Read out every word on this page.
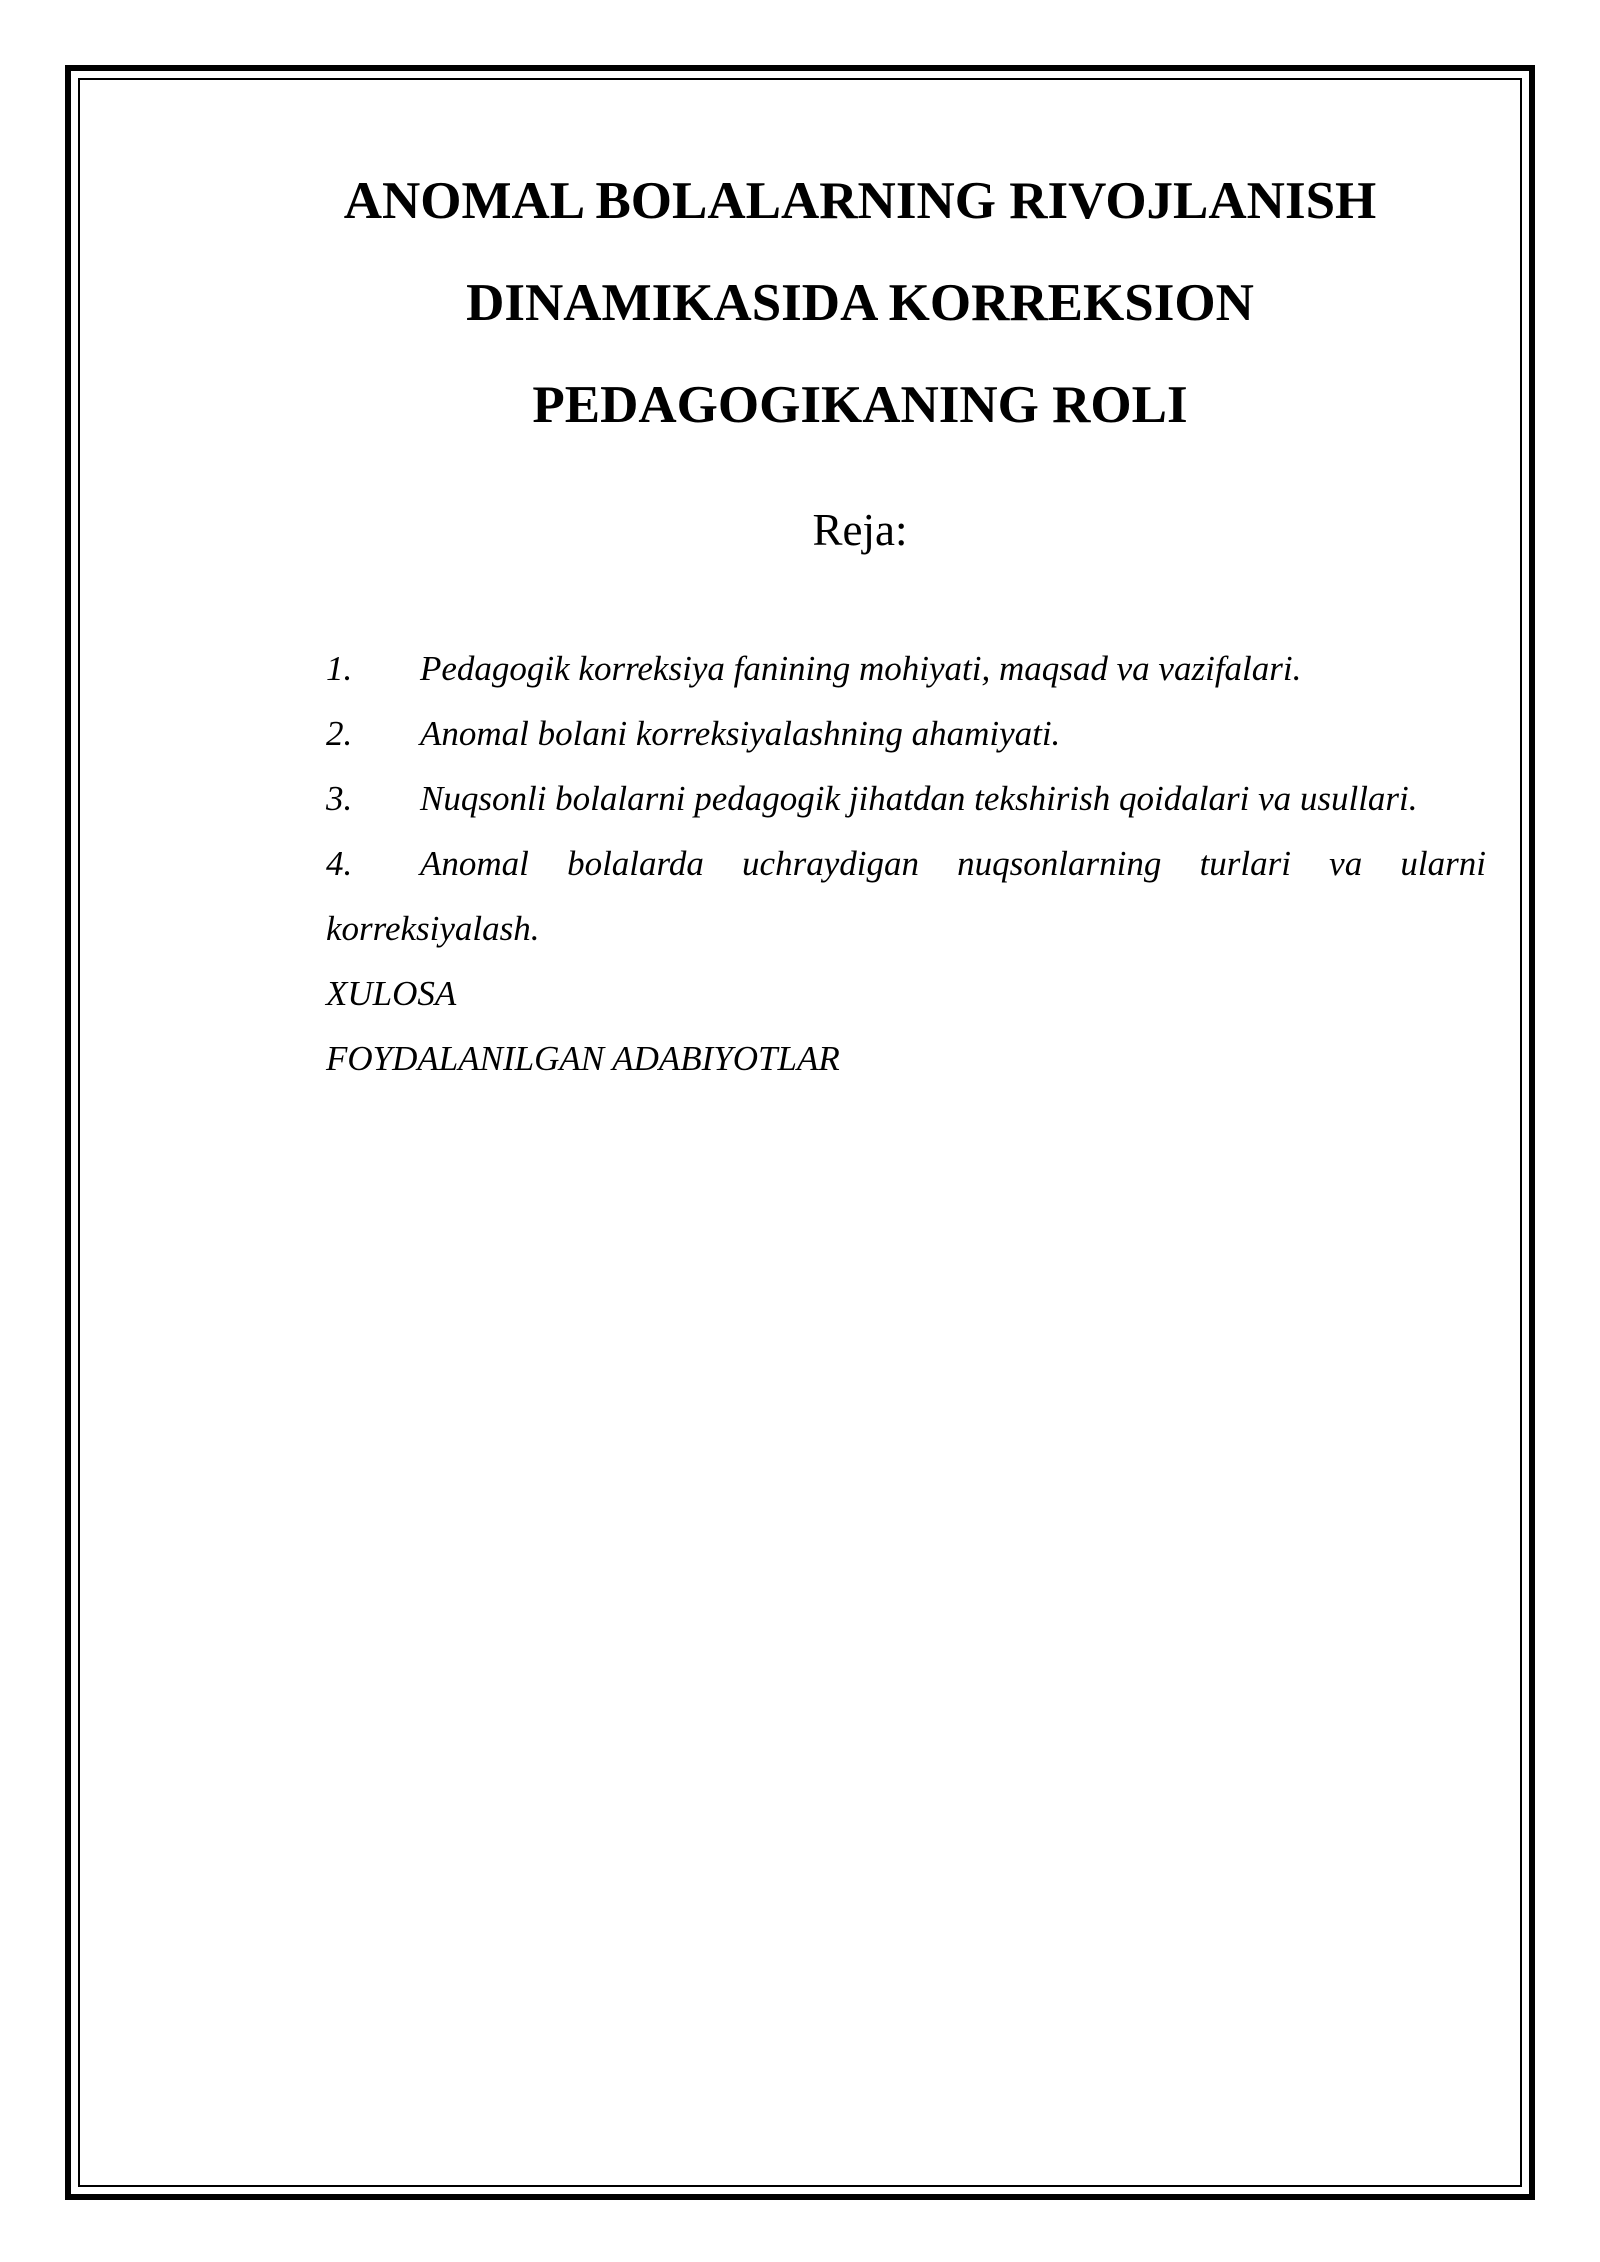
ANOMAL BOLALARNING RIVOJLANISH
DINAMIKASIDA KORREKSION
PEDAGOGIKANING ROLI
Reja:
1. Pedagogik korreksiya fanining mohiyati, maqsad va vazifalari.
2. Anomal bolani korreksiyalashning ahamiyati.
3. Nuqsonli bolalarni pedagogik jihatdan tekshirish qoidalari va usullari.
4. Anomal bolalarda uchraydigan nuqsonlarning turlari va ularni korreksiyalash.
XULOSA
FOYDALANILGAN ADABIYOTLAR
